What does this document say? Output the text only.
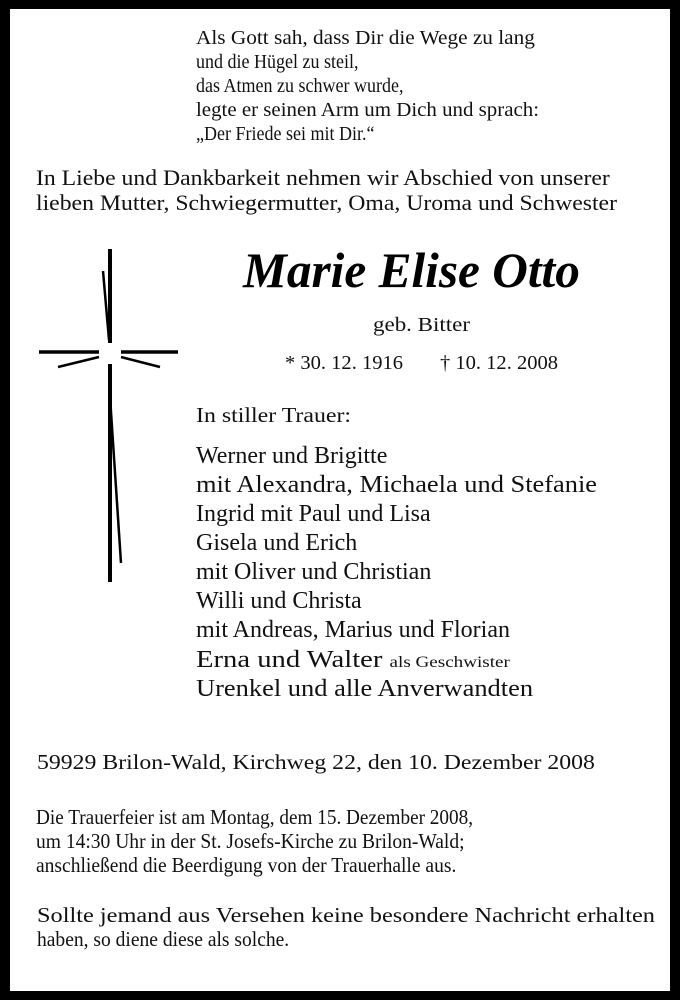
Als Gott sah, dass Dir die Wege zu lang
und die Hügel zu steil,
das Atmen zu schwer wurde,
legte er seinen Arm um Dich und sprach:
„Der Friede sei mit Dir.“
In Liebe und Dankbarkeit nehmen wir Abschied von unserer
lieben Mutter, Schwiegermutter, Oma, Uroma und Schwester
Marie Elise Otto
geb. Bitter
* 30. 12. 1916 † 10. 12. 2008
In stiller Trauer:
Werner und Brigitte
mit Alexandra, Michaela und Stefanie
Ingrid mit Paul und Lisa
Gisela und Erich
mit Oliver und Christian
Willi und Christa
mit Andreas, Marius und Florian
Erna und Walter als Geschwister
Urenkel und alle Anverwandten
59929 Brilon-Wald, Kirchweg 22, den 10. Dezember 2008
Die Trauerfeier ist am Montag, dem 15. Dezember 2008,
um 14:30 Uhr in der St. Josefs-Kirche zu Brilon-Wald;
anschließend die Beerdigung von der Trauerhalle aus.
Sollte jemand aus Versehen keine besondere Nachricht erhalten
haben, so diene diese als solche.
